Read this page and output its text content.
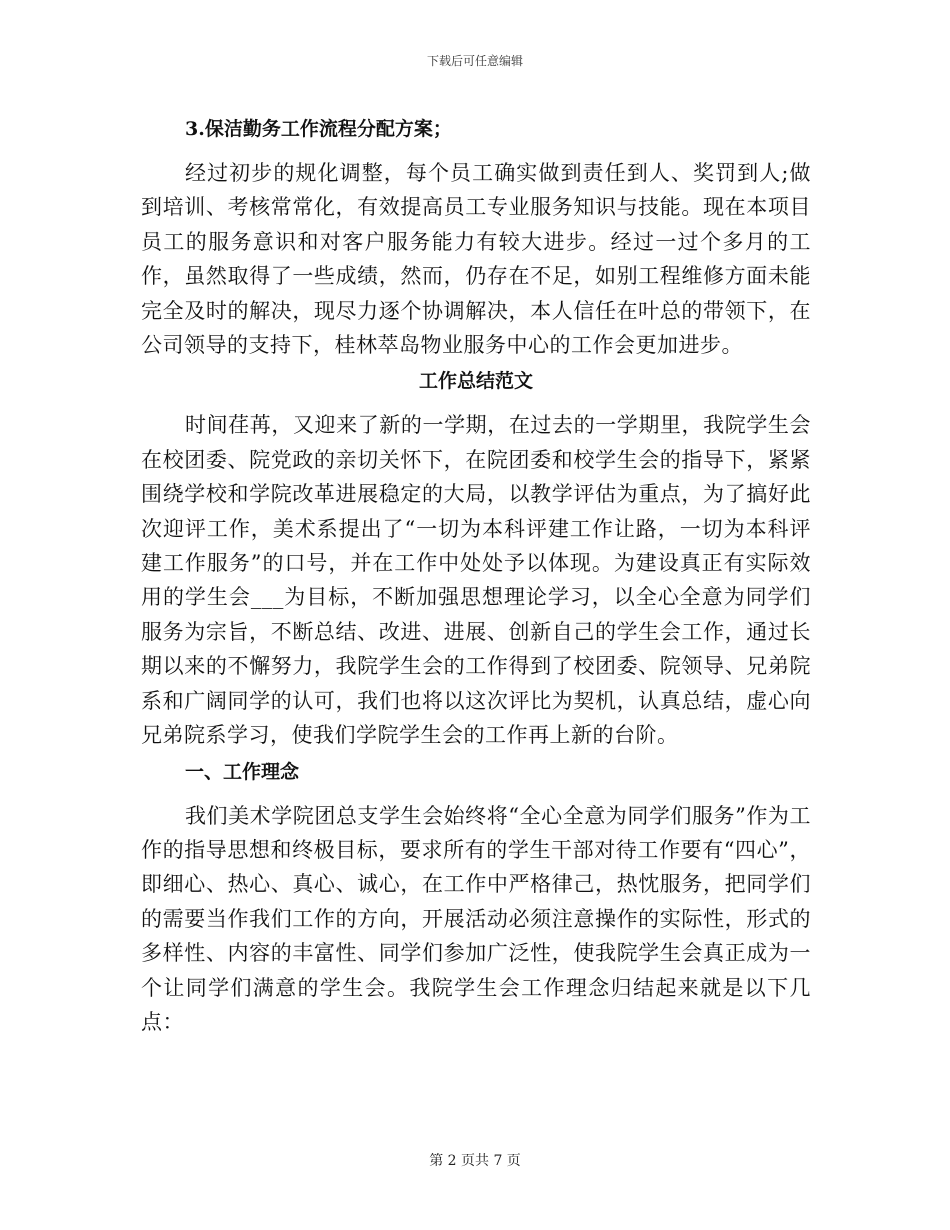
下载后可任意编辑
3.保洁勤务工作流程分配方案；

经过初步的规化调整，每个员工确实做到责任到人、奖罚到人;做到培训、考核常常化，有效提高员工专业服务知识与技能。现在本项目员工的服务意识和对客户服务能力有较大进步。经过一过个多月的工作，虽然取得了一些成绩，然而，仍存在不足，如别工程维修方面未能完全及时的解决，现尽力逐个协调解决，本人信任在叶总的带领下，在公司领导的支持下，桂林萃岛物业服务中心的工作会更加进步。

工作总结范文

时间荏苒，又迎来了新的一学期，在过去的一学期里，我院学生会在校团委、院党政的亲切关怀下，在院团委和校学生会的指导下，紧紧围绕学校和学院改革进展稳定的大局，以教学评估为重点，为了搞好此次迎评工作，美术系提出了“一切为本科评建工作让路，一切为本科评建工作服务”的口号，并在工作中处处予以体现。为建设真正有实际效用的学生会___为目标，不断加强思想理论学习，以全心全意为同学们服务为宗旨，不断总结、改进、进展、创新自己的学生会工作，通过长期以来的不懈努力，我院学生会的工作得到了校团委、院领导、兄弟院系和广阔同学的认可，我们也将以这次评比为契机，认真总结，虚心向兄弟院系学习，使我们学院学生会的工作再上新的台阶。

一、工作理念

我们美术学院团总支学生会始终将“全心全意为同学们服务”作为工作的指导思想和终极目标，要求所有的学生干部对待工作要有“四心”，即细心、热心、真心、诚心，在工作中严格律己，热忱服务，把同学们的需要当作我们工作的方向，开展活动必须注意操作的实际性，形式的多样性、内容的丰富性、同学们参加广泛性，使我院学生会真正成为一个让同学们满意的学生会。我院学生会工作理念归结起来就是以下几点：

第 2 页共 7 页
